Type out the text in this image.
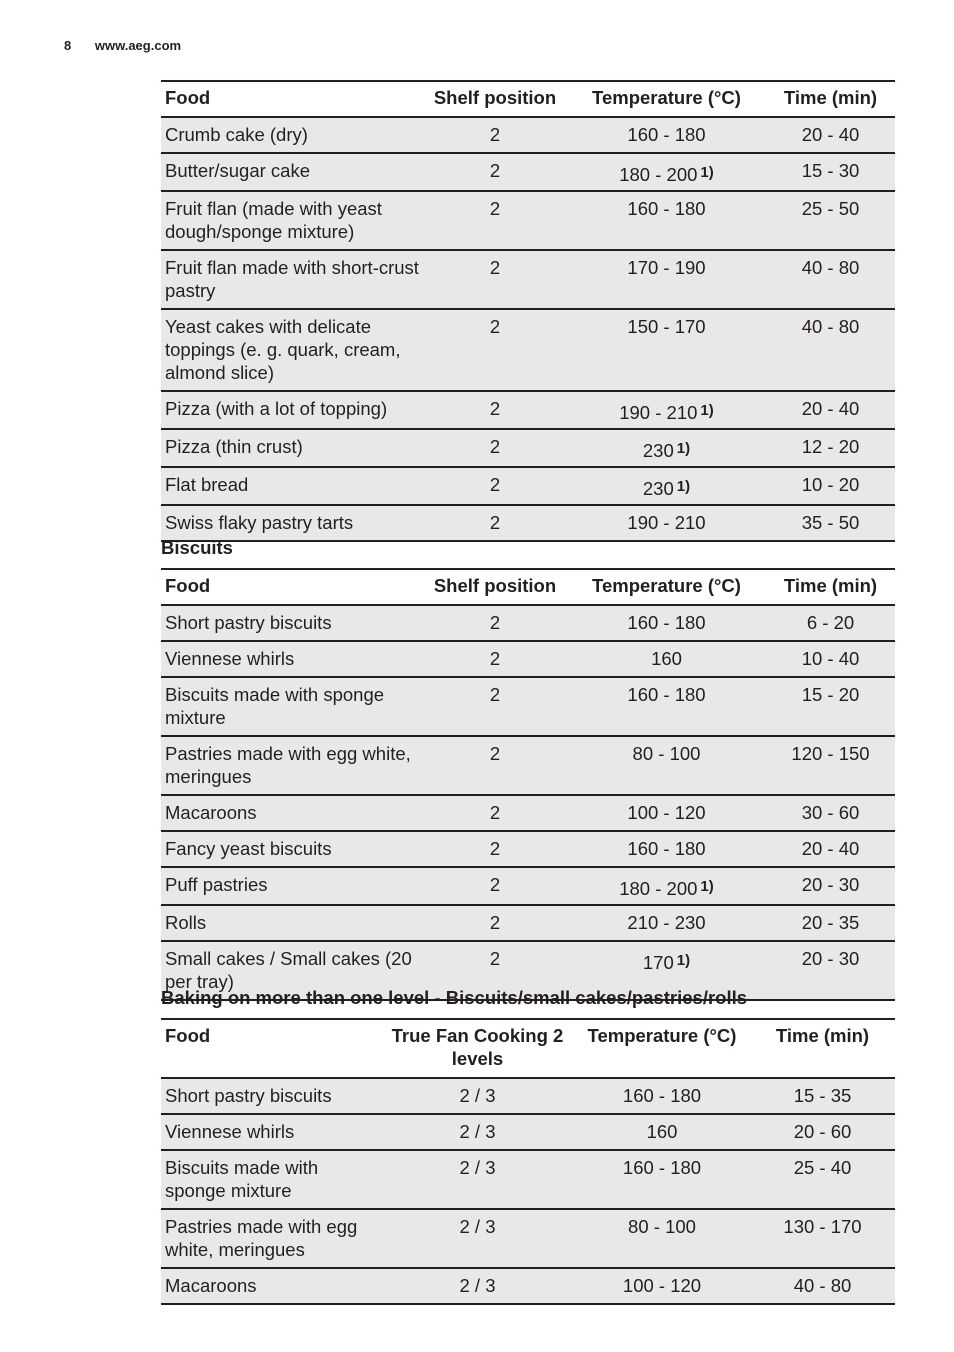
8 www.aeg.com
Food	Shelf position	Temperature (°C)	Time (min)
Crumb cake (dry)	2	160 - 180	20 - 40
Butter/sugar cake	2	180 - 200 $^{1)}$	15 - 30
Fruit flan (made with yeast dough/sponge mixture)	2	160 - 180	25 - 50
Fruit flan made with short-crust pastry	2	170 - 190	40 - 80
Yeast cakes with delicate toppings (e. g. quark, cream, almond slice)	2	150 - 170	40 - 80
Pizza (with a lot of topping)	2	190 - 210 $^{1)}$	20 - 40
Pizza (thin crust)	2	230 $^{1)}$	12 - 20
Flat bread	2	230 $^{1)}$	10 - 20
Swiss flaky pastry tarts	2	190 - 210	35 - 50

Biscuits

Food	Shelf position	Temperature (°C)	Time (min)
Short pastry biscuits	2	160 - 180	6 - 20
Viennese whirls	2	160	10 - 40
Biscuits made with sponge mixture	2	160 - 180	15 - 20
Pastries made with egg white, meringues	2	80 - 100	120 - 150
Macaroons	2	100 - 120	30 - 60
Fancy yeast biscuits	2	160 - 180	20 - 40
Puff pastries	2	180 - 200 $^{1)}$	20 - 30
Rolls	2	210 - 230	20 - 35
Small cakes / Small cakes (20 per tray)	2	170 $^{1)}$	20 - 30

Baking on more than one level - Biscuits/small cakes/pastries/rolls

Food	True Fan Cooking 2 levels	Temperature (°C)	Time (min)
Short pastry biscuits	2 / 3	160 - 180	15 - 35
Viennese whirls	2 / 3	160	20 - 60
Biscuits made with sponge mixture	2 / 3	160 - 180	25 - 40
Pastries made with egg white, meringues	2 / 3	80 - 100	130 - 170
Macaroons	2 / 3	100 - 120	40 - 80
